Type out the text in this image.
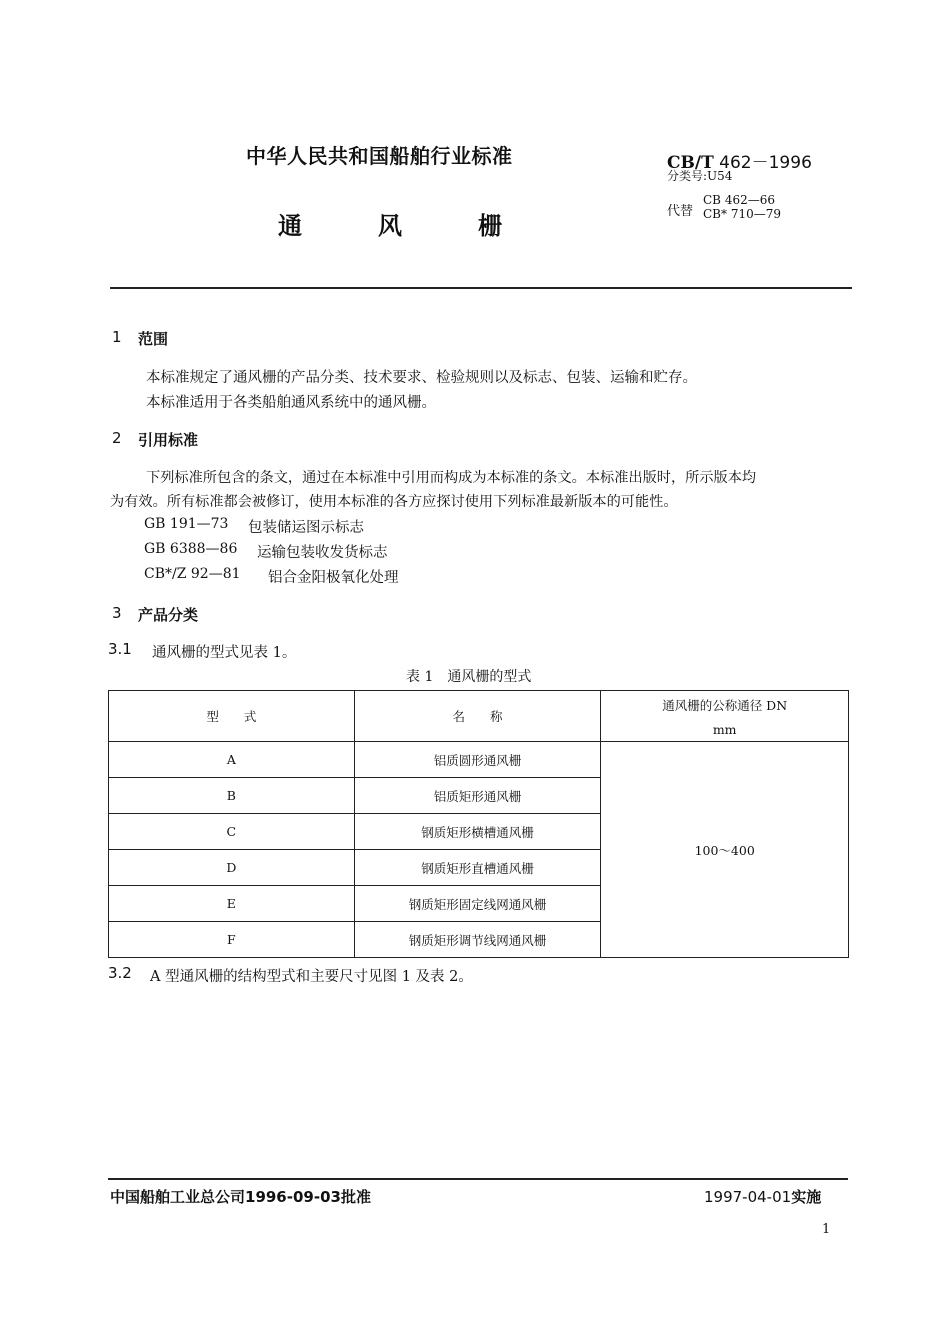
中华人民共和国船舶行业标准
通	风	栅
CB/T 462－1996
分类号:U54
代替
CB 462—66
CB* 710—79
1 范围
本标准规定了通风栅的产品分类、技术要求、检验规则以及标志、包装、运输和贮存。
本标准适用于各类船舶通风系统中的通风栅。
2 引用标准
下列标准所包含的条文，通过在本标准中引用而构成为本标准的条文。本标准出版时，所示版本均
为有效。所有标准都会被修订，使用本标准的各方应探讨使用下列标准最新版本的可能性。
GB 191—73 包装储运图示标志
GB 6388—86 运输包装收发货标志
CB*/Z 92—81 铝合金阳极氧化处理
3 产品分类
3.1 通风栅的型式见表 1。
表 1　通风栅的型式
型　　式	名　　称	通风栅的公称通径 DN
mm

A	铝质圆形通风栅	100～400
B	铝质矩形通风栅	
C	钢质矩形横槽通风栅	
D	钢质矩形直槽通风栅	
E	钢质矩形固定线网通风栅	
F	钢质矩形调节线网通风栅	
3.2 A 型通风栅的结构型式和主要尺寸见图 1 及表 2。
中国船舶工业总公司1996-09-03批准	1997-04-01实施
1
